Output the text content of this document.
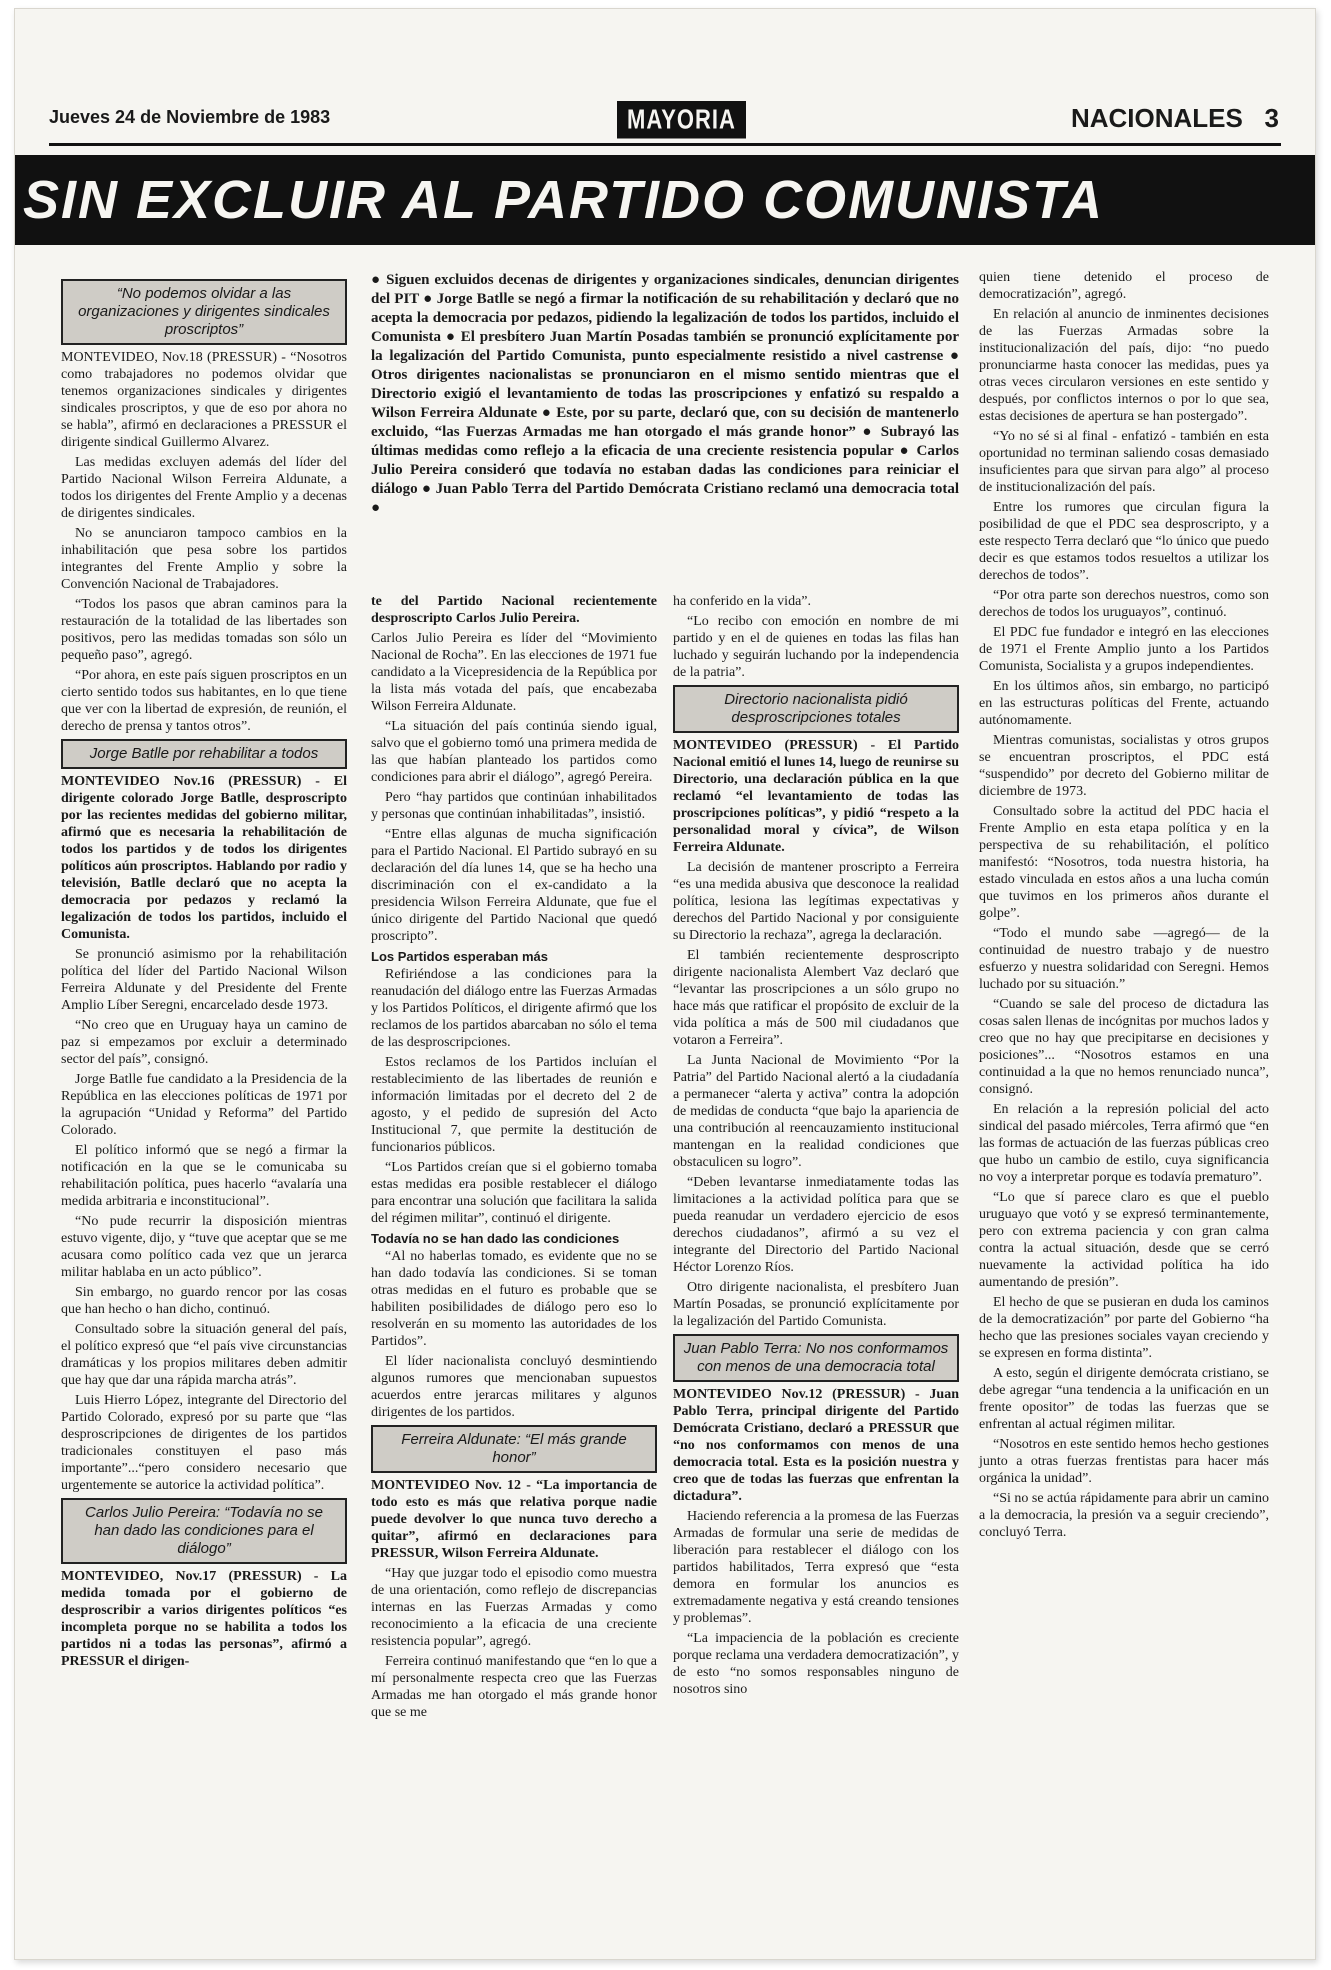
Jueves 24 de Noviembre de 1983	MAYORIA	NACIONALES 3
SIN EXCLUIR AL PARTIDO COMUNISTA
● Siguen excluidos decenas de dirigentes y organizaciones sindicales, denuncian dirigentes del PIT ● Jorge Batlle se negó a firmar la notificación de su rehabilitación y declaró que no acepta la democracia por pedazos, pidiendo la legalización de todos los partidos, incluido el Comunista ● El presbítero Juan Martín Posadas también se pronunció explícitamente por la legalización del Partido Comunista, punto especialmente resistido a nivel castrense ● Otros dirigentes nacionalistas se pronunciaron en el mismo sentido mientras que el Directorio exigió el levantamiento de todas las proscripciones y enfatizó su respaldo a Wilson Ferreira Aldunate ● Este, por su parte, declaró que, con su decisión de mantenerlo excluido, “las Fuerzas Armadas me han otorgado el más grande honor” ● Subrayó las últimas medidas como reflejo a la eficacia de una creciente resistencia popular ● Carlos Julio Pereira consideró que todavía no estaban dadas las condiciones para reiniciar el diálogo ● Juan Pablo Terra del Partido Demócrata Cristiano reclamó una democracia total ●
“No podemos olvidar a las organizaciones y dirigentes sindicales proscriptos”

MONTEVIDEO, Nov.18 (PRESSUR) - “Nosotros como trabajadores no podemos olvidar que tenemos organizaciones sindicales y dirigentes sindicales proscriptos, y que de eso por ahora no se habla”, afirmó en declaraciones a PRESSUR el dirigente sindical Guillermo Alvarez.

Las medidas excluyen además del líder del Partido Nacional Wilson Ferreira Aldunate, a todos los dirigentes del Frente Amplio y a decenas de dirigentes sindicales.

No se anunciaron tampoco cambios en la inhabilitación que pesa sobre los partidos integrantes del Frente Amplio y sobre la Convención Nacional de Trabajadores.

“Todos los pasos que abran caminos para la restauración de la totalidad de las libertades son positivos, pero las medidas tomadas son sólo un pequeño paso”, agregó.

“Por ahora, en este país siguen proscriptos en un cierto sentido todos sus habitantes, en lo que tiene que ver con la libertad de expresión, de reunión, el derecho de prensa y tantos otros”.

Jorge Batlle por rehabilitar a todos

MONTEVIDEO Nov.16 (PRESSUR) - El dirigente colorado Jorge Batlle, desproscripto por las recientes medidas del gobierno militar, afirmó que es necesaria la rehabilitación de todos los partidos y de todos los dirigentes políticos aún proscriptos. Hablando por radio y televisión, Batlle declaró que no acepta la democracia por pedazos y reclamó la legalización de todos los partidos, incluido el Comunista.

Se pronunció asimismo por la rehabilitación política del líder del Partido Nacional Wilson Ferreira Aldunate y del Presidente del Frente Amplio Líber Seregni, encarcelado desde 1973.

“No creo que en Uruguay haya un camino de paz si empezamos por excluir a determinado sector del país”, consignó.

Jorge Batlle fue candidato a la Presidencia de la República en las elecciones políticas de 1971 por la agrupación “Unidad y Reforma” del Partido Colorado.

El político informó que se negó a firmar la notificación en la que se le comunicaba su rehabilitación política, pues hacerlo “avalaría una medida arbitraria e inconstitucional”.

“No pude recurrir la disposición mientras estuvo vigente, dijo, y “tuve que aceptar que se me acusara como político cada vez que un jerarca militar hablaba en un acto público”.

Sin embargo, no guardo rencor por las cosas que han hecho o han dicho, continuó.

Consultado sobre la situación general del país, el político expresó que “el país vive circunstancias dramáticas y los propios militares deben admitir que hay que dar una rápida marcha atrás”.

Luis Hierro López, integrante del Directorio del Partido Colorado, expresó por su parte que “las desproscripciones de dirigentes de los partidos tradicionales constituyen el paso más importante”...“pero considero necesario que urgentemente se autorice la actividad política”.

Carlos Julio Pereira: “Todavía no se han dado las condiciones para el diálogo”

MONTEVIDEO, Nov.17 (PRESSUR) - La medida tomada por el gobierno de desproscribir a varios dirigentes políticos “es incompleta porque no se habilita a todos los partidos ni a todas las personas”, afirmó a PRESSUR el dirigen-

te del Partido Nacional recientemente desproscripto Carlos Julio Pereira.

Carlos Julio Pereira es líder del “Movimiento Nacional de Rocha”. En las elecciones de 1971 fue candidato a la Vicepresidencia de la República por la lista más votada del país, que encabezaba Wilson Ferreira Aldunate.

“La situación del país continúa siendo igual, salvo que el gobierno tomó una primera medida de las que habían planteado los partidos como condiciones para abrir el diálogo”, agregó Pereira.

Pero “hay partidos que continúan inhabilitados y personas que continúan inhabilitadas”, insistió.

“Entre ellas algunas de mucha significación para el Partido Nacional. El Partido subrayó en su declaración del día lunes 14, que se ha hecho una discriminación con el ex-candidato a la presidencia Wilson Ferreira Aldunate, que fue el único dirigente del Partido Nacional que quedó proscripto”.

Los Partidos esperaban más

Refiriéndose a las condiciones para la reanudación del diálogo entre las Fuerzas Armadas y los Partidos Políticos, el dirigente afirmó que los reclamos de los partidos abarcaban no sólo el tema de las desproscripciones.

Estos reclamos de los Partidos incluían el restablecimiento de las libertades de reunión e información limitadas por el decreto del 2 de agosto, y el pedido de supresión del Acto Institucional 7, que permite la destitución de funcionarios públicos.

“Los Partidos creían que si el gobierno tomaba estas medidas era posible restablecer el diálogo para encontrar una solución que facilitara la salida del régimen militar”, continuó el dirigente.

Todavía no se han dado las condiciones

“Al no haberlas tomado, es evidente que no se han dado todavía las condiciones. Si se toman otras medidas en el futuro es probable que se habiliten posibilidades de diálogo pero eso lo resolverán en su momento las autoridades de los Partidos”.

El líder nacionalista concluyó desmintiendo algunos rumores que mencionaban supuestos acuerdos entre jerarcas militares y algunos dirigentes de los partidos.

Ferreira Aldunate: “El más grande honor”

MONTEVIDEO Nov. 12 - “La importancia de todo esto es más que relativa porque nadie puede devolver lo que nunca tuvo derecho a quitar”, afirmó en declaraciones para PRESSUR, Wilson Ferreira Aldunate.

“Hay que juzgar todo el episodio como muestra de una orientación, como reflejo de discrepancias internas en las Fuerzas Armadas y como reconocimiento a la eficacia de una creciente resistencia popular”, agregó.

Ferreira continuó manifestando que “en lo que a mí personalmente respecta creo que las Fuerzas Armadas me han otorgado el más grande honor que se me

ha conferido en la vida”.

“Lo recibo con emoción en nombre de mi partido y en el de quienes en todas las filas han luchado y seguirán luchando por la independencia de la patria”.

Directorio nacionalista pidió desproscripciones totales

MONTEVIDEO (PRESSUR) - El Partido Nacional emitió el lunes 14, luego de reunirse su Directorio, una declaración pública en la que reclamó “el levantamiento de todas las proscripciones políticas”, y pidió “respeto a la personalidad moral y cívica”, de Wilson Ferreira Aldunate.

La decisión de mantener proscripto a Ferreira “es una medida abusiva que desconoce la realidad política, lesiona las legítimas expectativas y derechos del Partido Nacional y por consiguiente su Directorio la rechaza”, agrega la declaración.

El también recientemente desproscripto dirigente nacionalista Alembert Vaz declaró que “levantar las proscripciones a un sólo grupo no hace más que ratificar el propósito de excluir de la vida política a más de 500 mil ciudadanos que votaron a Ferreira”.

La Junta Nacional de Movimiento “Por la Patria” del Partido Nacional alertó a la ciudadanía a permanecer “alerta y activa” contra la adopción de medidas de conducta “que bajo la apariencia de una contribución al reencauzamiento institucional mantengan en la realidad condiciones que obstaculicen su logro”.

“Deben levantarse inmediatamente todas las limitaciones a la actividad política para que se pueda reanudar un verdadero ejercicio de esos derechos ciudadanos”, afirmó a su vez el integrante del Directorio del Partido Nacional Héctor Lorenzo Ríos.

Otro dirigente nacionalista, el presbítero Juan Martín Posadas, se pronunció explícitamente por la legalización del Partido Comunista.

Juan Pablo Terra: No nos conformamos con menos de una democracia total

MONTEVIDEO Nov.12 (PRESSUR) - Juan Pablo Terra, principal dirigente del Partido Demócrata Cristiano, declaró a PRESSUR que “no nos conformamos con menos de una democracia total. Esta es la posición nuestra y creo que de todas las fuerzas que enfrentan la dictadura”.

Haciendo referencia a la promesa de las Fuerzas Armadas de formular una serie de medidas de liberación para restablecer el diálogo con los partidos habilitados, Terra expresó que “esta demora en formular los anuncios es extremadamente negativa y está creando tensiones y problemas”.

“La impaciencia de la población es creciente porque reclama una verdadera democratización”, y de esto “no somos responsables ninguno de nosotros sino

quien tiene detenido el proceso de democratización”, agregó.

En relación al anuncio de inminentes decisiones de las Fuerzas Armadas sobre la institucionalización del país, dijo: “no puedo pronunciarme hasta conocer las medidas, pues ya otras veces circularon versiones en este sentido y después, por conflictos internos o por lo que sea, estas decisiones de apertura se han postergado”.

“Yo no sé si al final - enfatizó - también en esta oportunidad no terminan saliendo cosas demasiado insuficientes para que sirvan para algo” al proceso de institucionalización del país.

Entre los rumores que circulan figura la posibilidad de que el PDC sea desproscripto, y a este respecto Terra declaró que “lo único que puedo decir es que estamos todos resueltos a utilizar los derechos de todos”.

“Por otra parte son derechos nuestros, como son derechos de todos los uruguayos”, continuó.

El PDC fue fundador e integró en las elecciones de 1971 el Frente Amplio junto a los Partidos Comunista, Socialista y a grupos independientes.

En los últimos años, sin embargo, no participó en las estructuras políticas del Frente, actuando autónomamente.

Mientras comunistas, socialistas y otros grupos se encuentran proscriptos, el PDC está “suspendido” por decreto del Gobierno militar de diciembre de 1973.

Consultado sobre la actitud del PDC hacia el Frente Amplio en esta etapa política y en la perspectiva de su rehabilitación, el político manifestó: “Nosotros, toda nuestra historia, ha estado vinculada en estos años a una lucha común que tuvimos en los primeros años durante el golpe”.

“Todo el mundo sabe —agregó— de la continuidad de nuestro trabajo y de nuestro esfuerzo y nuestra solidaridad con Seregni. Hemos luchado por su situación.”

“Cuando se sale del proceso de dictadura las cosas salen llenas de incógnitas por muchos lados y creo que no hay que precipitarse en decisiones y posiciones”... “Nosotros estamos en una continuidad a la que no hemos renunciado nunca”, consignó.

En relación a la represión policial del acto sindical del pasado miércoles, Terra afirmó que “en las formas de actuación de las fuerzas públicas creo que hubo un cambio de estilo, cuya significancia no voy a interpretar porque es todavía prematuro”.

“Lo que sí parece claro es que el pueblo uruguayo que votó y se expresó terminantemente, pero con extrema paciencia y con gran calma contra la actual situación, desde que se cerró nuevamente la actividad política ha ido aumentando de presión”.

El hecho de que se pusieran en duda los caminos de la democratización” por parte del Gobierno “ha hecho que las presiones sociales vayan creciendo y se expresen en forma distinta”.

A esto, según el dirigente demócrata cristiano, se debe agregar “una tendencia a la unificación en un frente opositor” de todas las fuerzas que se enfrentan al actual régimen militar.

“Nosotros en este sentido hemos hecho gestiones junto a otras fuerzas frentistas para hacer más orgánica la unidad”.

“Si no se actúa rápidamente para abrir un camino a la democracia, la presión va a seguir creciendo”, concluyó Terra.
